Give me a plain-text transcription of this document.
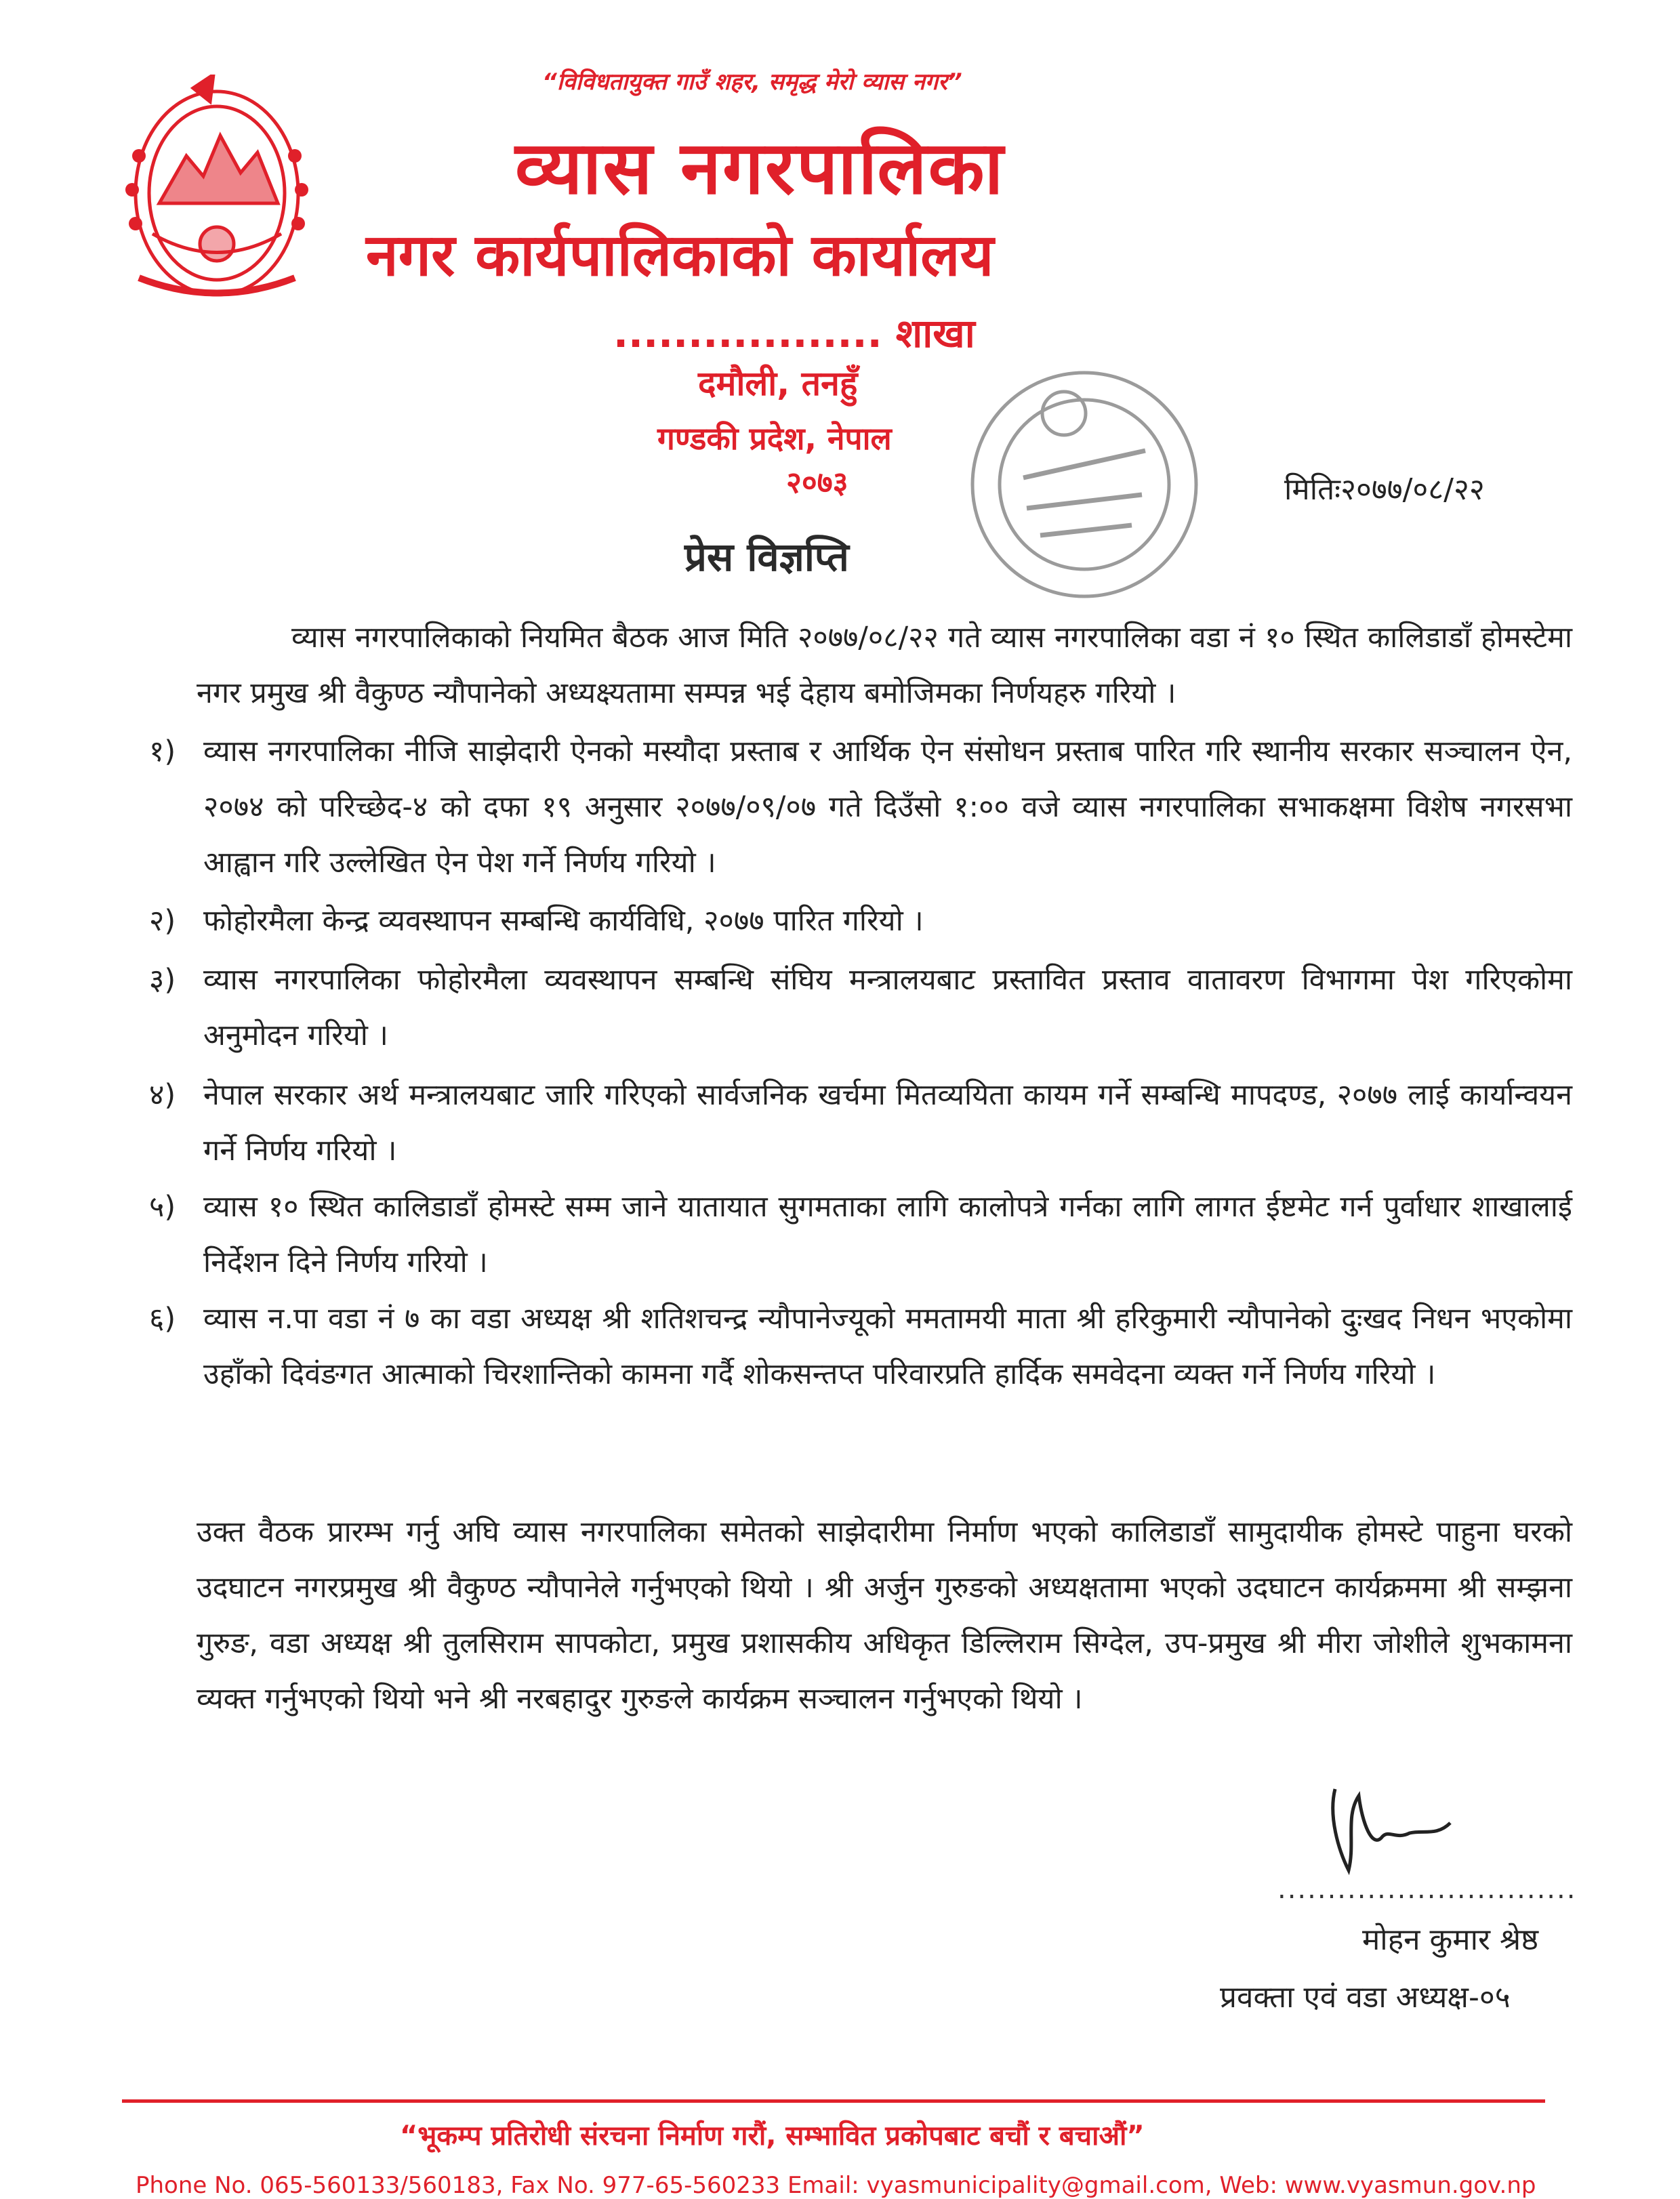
“विविधतायुक्त गाउँ शहर, समृद्ध मेरो व्यास नगर”
व्यास नगरपालिका
नगर कार्यपालिकाको कार्यालय
.................. शाखा
दमौली, तनहुँ
गण्डकी प्रदेश, नेपाल
२०७३	मितिः२०७७/०८/२२
प्रेस विज्ञप्ति
व्यास नगरपालिकाको नियमित बैठक आज मिति २०७७/०८/२२ गते व्यास नगरपालिका वडा नं १० स्थित कालिडाडाँ होमस्टेमा नगर प्रमुख श्री वैकुण्ठ न्यौपानेको अध्यक्ष्यतामा सम्पन्न भई देहाय बमोजिमका निर्णयहरु गरियो ।
१) व्यास नगरपालिका नीजि साझेदारी ऐनको मस्यौदा प्रस्ताब र आर्थिक ऐन संसोधन प्रस्ताब पारित गरि स्थानीय सरकार सञ्चालन ऐन, २०७४ को परिच्छेद-४ को दफा १९ अनुसार २०७७/०९/०७ गते दिउँसो १:०० वजे व्यास नगरपालिका सभाकक्षमा विशेष नगरसभा आह्वान गरि उल्लेखित ऐन पेश गर्ने निर्णय गरियो ।
२) फोहोरमैला केन्द्र व्यवस्थापन सम्बन्धि कार्यविधि, २०७७ पारित गरियो ।
३) व्यास नगरपालिका फोहोरमैला व्यवस्थापन सम्बन्धि संघिय मन्त्रालयबाट प्रस्तावित प्रस्ताव वातावरण विभागमा पेश गरिएकोमा अनुमोदन गरियो ।
४) नेपाल सरकार अर्थ मन्त्रालयबाट जारि गरिएको सार्वजनिक खर्चमा मितव्ययिता कायम गर्ने सम्बन्धि मापदण्ड, २०७७ लाई कार्यान्वयन गर्ने निर्णय गरियो ।
५) व्यास १० स्थित कालिडाडाँ होमस्टे सम्म जाने यातायात सुगमताका लागि कालोपत्रे गर्नका लागि लागत ईष्टमेट गर्न पुर्वाधार शाखालाई निर्देशन दिने निर्णय गरियो ।
६) व्यास न.पा वडा नं ७ का वडा अध्यक्ष श्री शतिशचन्द्र न्यौपानेज्यूको ममतामयी माता श्री हरिकुमारी न्यौपानेको दुःखद निधन भएकोमा उहाँको दिवंङगत आत्माको चिरशान्तिको कामना गर्दै शोकसन्तप्त परिवारप्रति हार्दिक समवेदना व्यक्त गर्ने निर्णय गरियो ।
उक्त वैठक प्रारम्भ गर्नु अघि व्यास नगरपालिका समेतको साझेदारीमा निर्माण भएको कालिडाडाँ सामुदायीक होमस्टे पाहुना घरको उदघाटन नगरप्रमुख श्री वैकुण्ठ न्यौपानेले गर्नुभएको थियो । श्री अर्जुन गुरुङको अध्यक्षतामा भएको उदघाटन कार्यक्रममा श्री सम्झना गुरुङ, वडा अध्यक्ष श्री तुलसिराम सापकोटा, प्रमुख प्रशासकीय अधिकृत डिल्लिराम सिग्देल, उप-प्रमुख श्री मीरा जोशीले शुभकामना व्यक्त गर्नुभएको थियो भने श्री नरबहादुर गुरुङले कार्यक्रम सञ्चालन गर्नुभएको थियो ।
..............................
मोहन कुमार श्रेष्ठ
प्रवक्ता एवं वडा अध्यक्ष-०५
“भूकम्प प्रतिरोधी संरचना निर्माण गरौं, सम्भावित प्रकोपबाट बचौं र बचाऔं”
Phone No. 065-560133/560183, Fax No. 977-65-560233 Email: vyasmunicipality@gmail.com, Web: www.vyasmun.gov.np
